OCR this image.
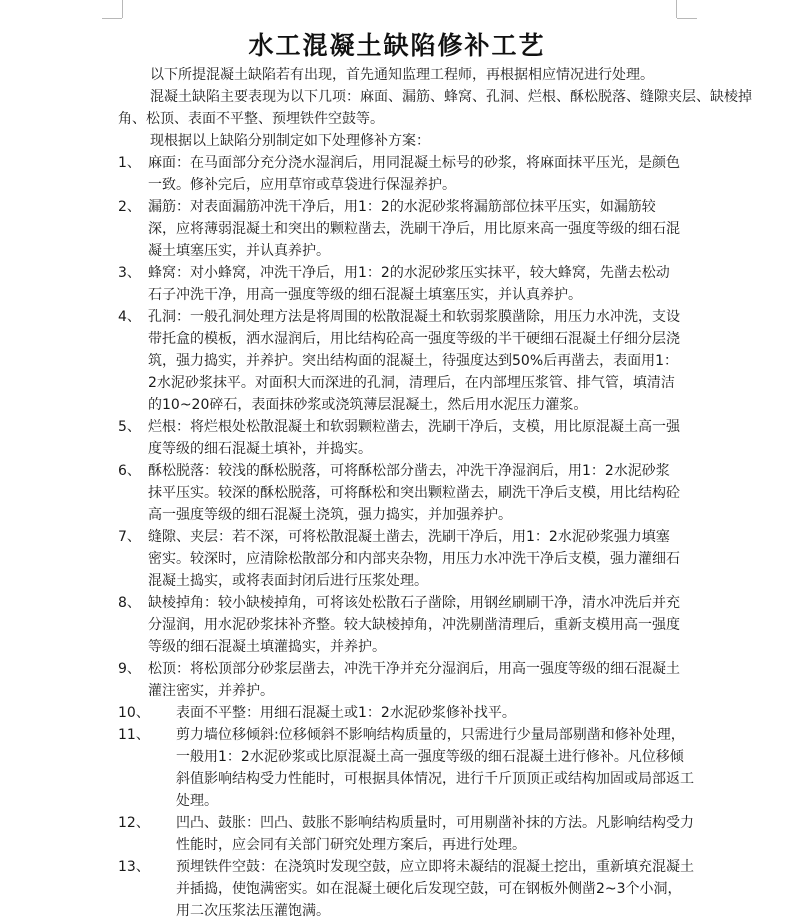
水工混凝土缺陷修补工艺
以下所提混凝土缺陷若有出现，首先通知监理工程师，再根据相应情况进行处理。
混凝土缺陷主要表现为以下几项：麻面、漏筋、蜂窝、孔洞、烂根、酥松脱落、缝隙夹层、缺棱掉角、松顶、表面不平整、预埋铁件空鼓等。
现根据以上缺陷分别制定如下处理修补方案：
1、 麻面：在马面部分充分浇水湿润后，用同混凝土标号的砂浆，将麻面抹平压光，是颜色一致。修补完后，应用草帘或草袋进行保湿养护。
2、 漏筋：对表面漏筋冲洗干净后，用1：2的水泥砂浆将漏筋部位抹平压实，如漏筋较深，应将薄弱混凝土和突出的颗粒凿去，洗刷干净后，用比原来高一强度等级的细石混凝土填塞压实，并认真养护。
3、 蜂窝：对小蜂窝，冲洗干净后，用1：2的水泥砂浆压实抹平，较大蜂窝，先凿去松动石子冲洗干净，用高一强度等级的细石混凝土填塞压实，并认真养护。
4、 孔洞：一般孔洞处理方法是将周围的松散混凝土和软弱浆膜凿除，用压力水冲洗，支设带托盒的模板，洒水湿润后，用比结构砼高一强度等级的半干硬细石混凝土仔细分层浇筑，强力捣实，并养护。突出结构面的混凝土，待强度达到50%后再凿去，表面用1：2水泥砂浆抹平。对面积大而深进的孔洞，清理后，在内部埋压浆管、排气管，填清洁的10~20碎石，表面抹砂浆或浇筑薄层混凝土，然后用水泥压力灌浆。
5、 烂根：将烂根处松散混凝土和软弱颗粒凿去，洗刷干净后，支模，用比原混凝土高一强度等级的细石混凝土填补，并捣实。
6、 酥松脱落：较浅的酥松脱落，可将酥松部分凿去，冲洗干净湿润后，用1：2水泥砂浆抹平压实。较深的酥松脱落，可将酥松和突出颗粒凿去，刷洗干净后支模，用比结构砼高一强度等级的细石混凝土浇筑，强力捣实，并加强养护。
7、 缝隙、夹层：若不深，可将松散混凝土凿去，洗刷干净后，用1：2水泥砂浆强力填塞密实。较深时，应清除松散部分和内部夹杂物，用压力水冲洗干净后支模，强力灌细石混凝土捣实，或将表面封闭后进行压浆处理。
8、 缺棱掉角：较小缺棱掉角，可将该处松散石子凿除，用钢丝刷刷干净，清水冲洗后并充分湿润，用水泥砂浆抹补齐整。较大缺棱掉角，冲洗剔凿清理后，重新支模用高一强度等级的细石混凝土填灌捣实，并养护。
9、 松顶：将松顶部分砂浆层凿去，冲洗干净并充分湿润后，用高一强度等级的细石混凝土灌注密实，并养护。
10、	表面不平整：用细石混凝土或1：2水泥砂浆修补找平。
11、	剪力墙位移倾斜:位移倾斜不影响结构质量的，只需进行少量局部剔凿和修补处理，一般用1：2水泥砂浆或比原混凝土高一强度等级的细石混凝土进行修补。凡位移倾斜值影响结构受力性能时，可根据具体情况，进行千斤顶顶正或结构加固或局部返工处理。
12、	凹凸、鼓胀：凹凸、鼓胀不影响结构质量时，可用剔凿补抹的方法。凡影响结构受力性能时，应会同有关部门研究处理方案后，再进行处理。
13、	预埋铁件空鼓：在浇筑时发现空鼓，应立即将未凝结的混凝土挖出，重新填充混凝土并插捣，使饱满密实。如在混凝土硬化后发现空鼓，可在钢板外侧凿2~3个小洞，用二次压浆法压灌饱满。
